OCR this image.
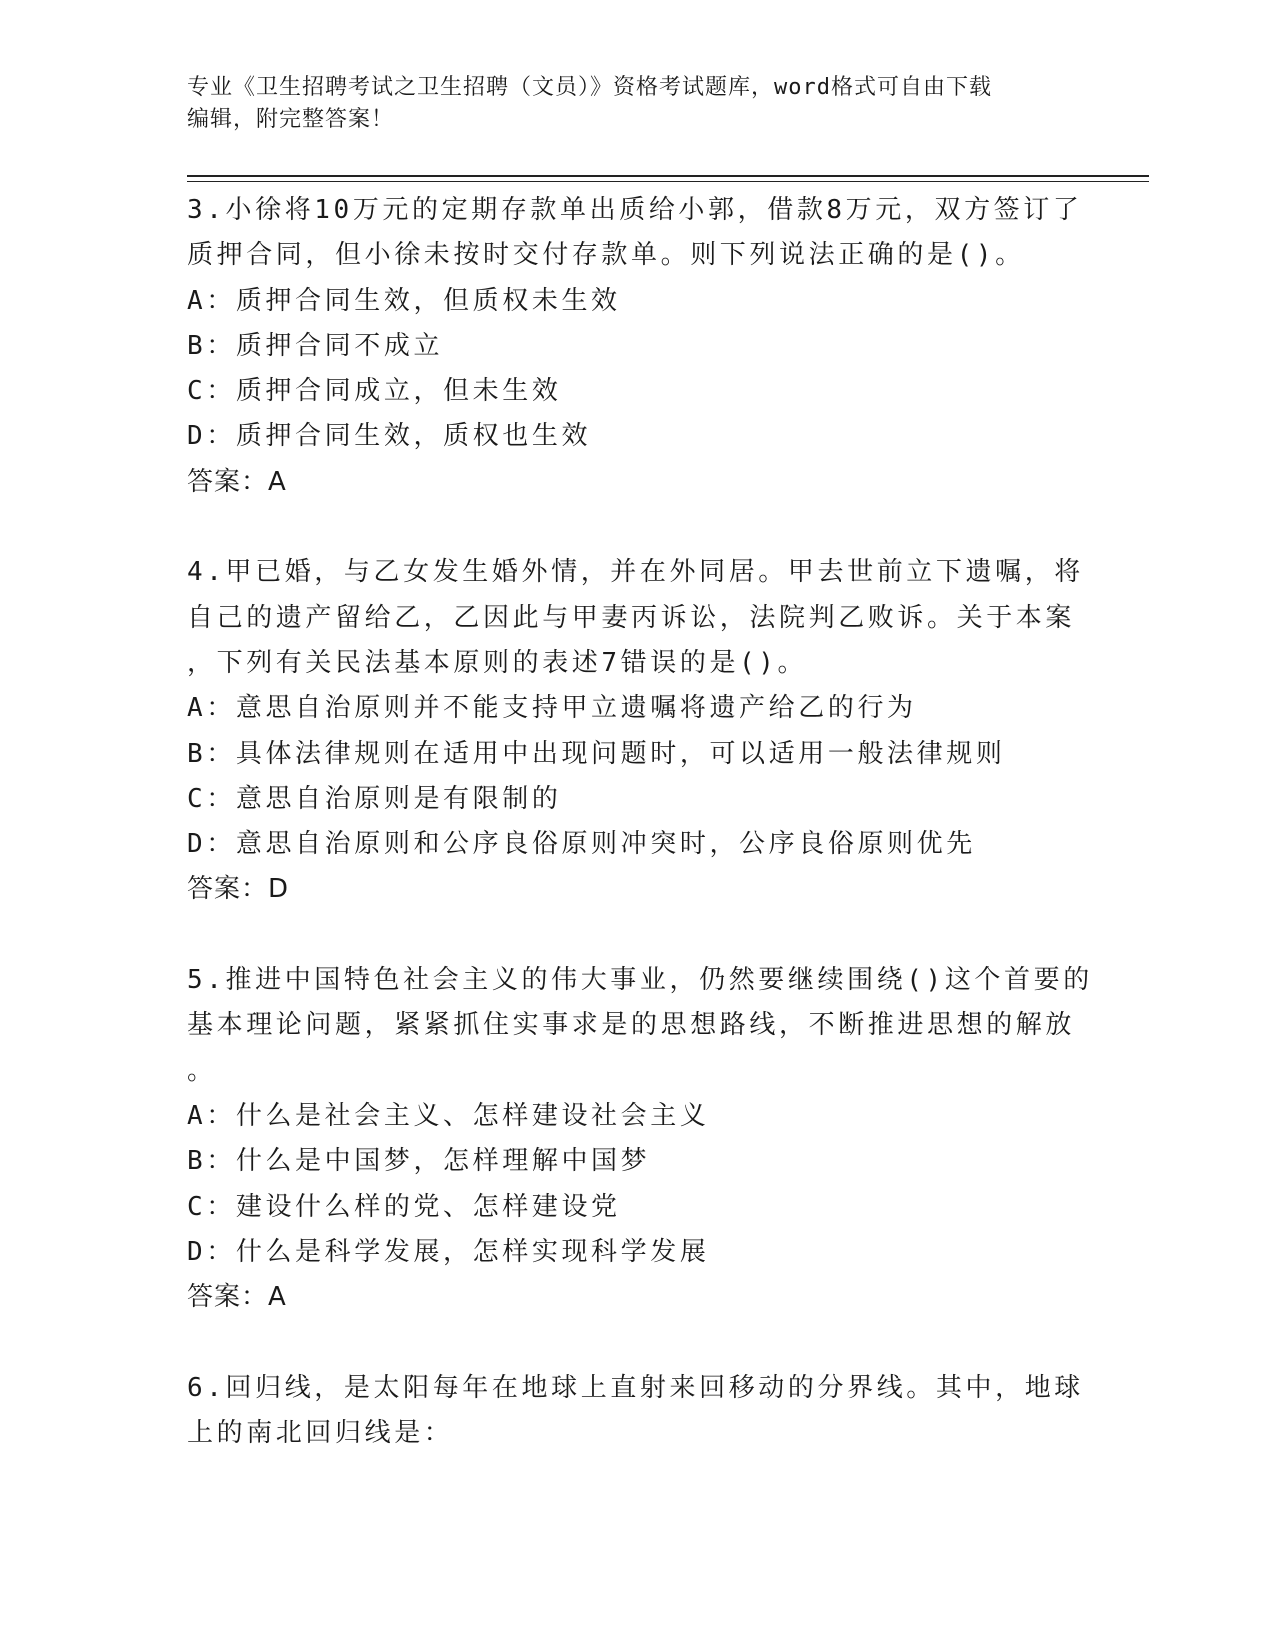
专业《卫生招聘考试之卫生招聘（文员）》资格考试题库，word格式可自由下载
编辑，附完整答案！
3.小徐将10万元的定期存款单出质给小郭，借款8万元，双方签订了
质押合同，但小徐未按时交付存款单。则下列说法正确的是()。
A：质押合同生效，但质权未生效
B：质押合同不成立
C：质押合同成立，但未生效
D：质押合同生效，质权也生效
答案：A
4.甲已婚，与乙女发生婚外情，并在外同居。甲去世前立下遗嘱，将
自己的遗产留给乙，乙因此与甲妻丙诉讼，法院判乙败诉。关于本案
，下列有关民法基本原则的表述7错误的是()。
A：意思自治原则并不能支持甲立遗嘱将遗产给乙的行为
B：具体法律规则在适用中出现问题时，可以适用一般法律规则
C：意思自治原则是有限制的
D：意思自治原则和公序良俗原则冲突时，公序良俗原则优先
答案：D
5.推进中国特色社会主义的伟大事业，仍然要继续围绕()这个首要的
基本理论问题，紧紧抓住实事求是的思想路线，不断推进思想的解放
。
A：什么是社会主义、怎样建设社会主义
B：什么是中国梦，怎样理解中国梦
C：建设什么样的党、怎样建设党
D：什么是科学发展，怎样实现科学发展
答案：A
6.回归线，是太阳每年在地球上直射来回移动的分界线。其中，地球
上的南北回归线是：
